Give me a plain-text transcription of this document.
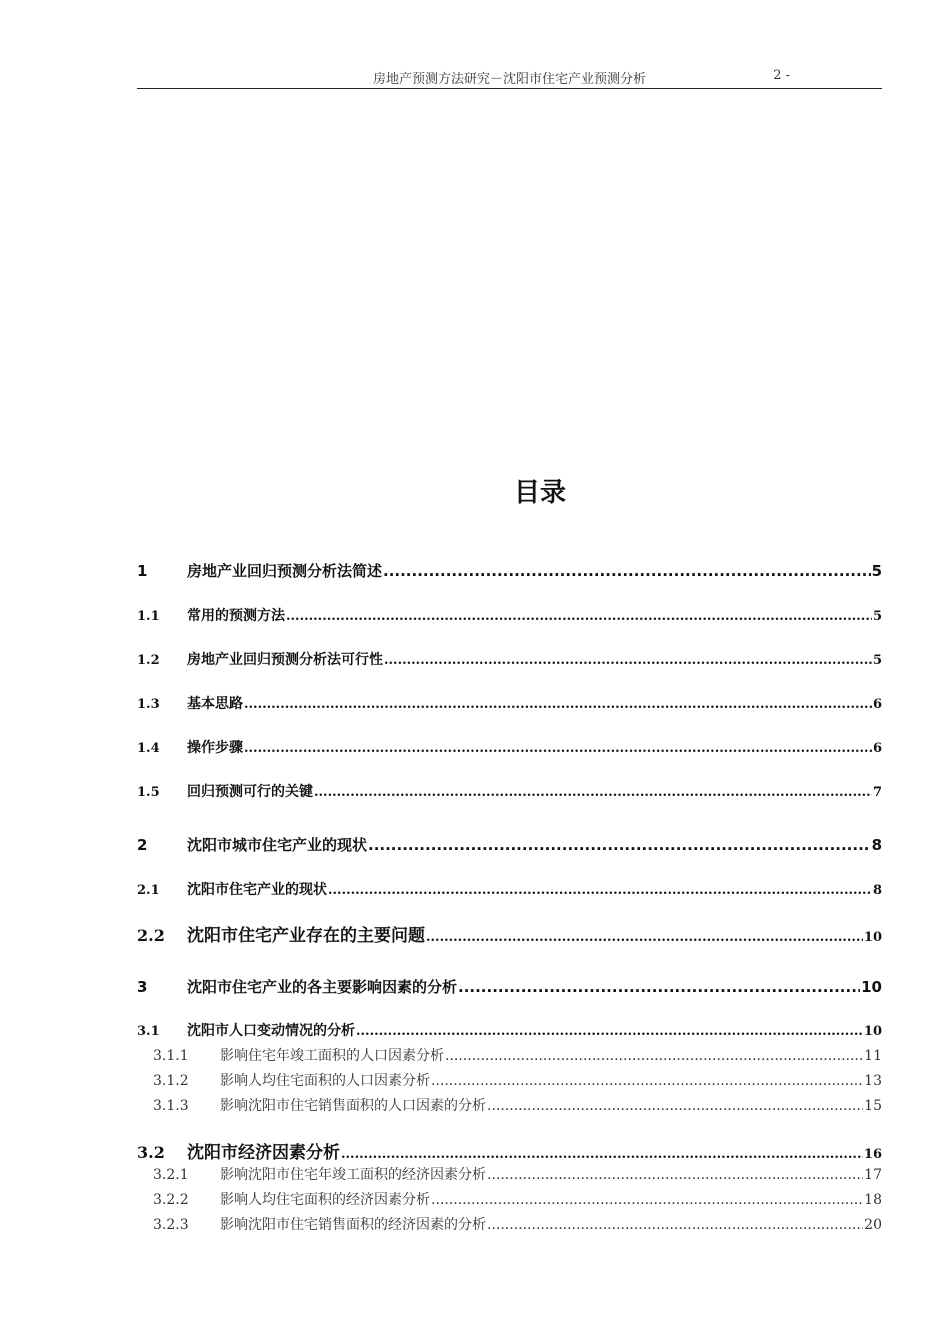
房地产预测方法研究－沈阳市住宅产业预测分析	2 -
目录
1	房地产业回归预测分析法简述 .....	5
1.1	常用的预测方法 .....	5
1.2	房地产业回归预测分析法可行性 .....	5
1.3	基本思路 .....	6
1.4	操作步骤 .....	6
1.5	回归预测可行的关键 .....	7
2	沈阳市城市住宅产业的现状 .....	8
2.1	沈阳市住宅产业的现状 .....	8
2.2	沈阳市住宅产业存在的主要问题 .....	10
3	沈阳市住宅产业的各主要影响因素的分析 .....	10
3.1	沈阳市人口变动情况的分析 .....	10
3.1.1	影响住宅年竣工面积的人口因素分析 .....	11
3.1.2	影响人均住宅面积的人口因素分析 .....	13
3.1.3	影响沈阳市住宅销售面积的人口因素的分析 .....	15
3.2	沈阳市经济因素分析 .....	16
3.2.1	影响沈阳市住宅年竣工面积的经济因素分析 .....	17
3.2.2	影响人均住宅面积的经济因素分析 .....	18
3.2.3	影响沈阳市住宅销售面积的经济因素的分析 .....	20
